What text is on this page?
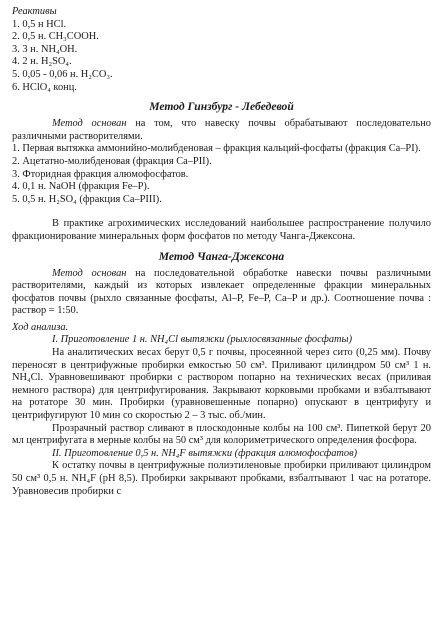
Реактивы

1. 0,5 н HCl.

2. 0,5 н. CH₃COOH.

3. 3 н. NH₄OH.

4. 2 н. H₂SO₄.

5. 0,05 - 0,06 н. H₂CO₃.

6. HClO₄ конц.

Метод Гинзбург - Лебедевой

Метод основан на том, что навеску почвы обрабатывают последовательно различными растворителями.

1. Первая вытяжка аммонийно-молибденовая – фракция кальций-фосфаты (фракция Ca–PI).

2. Ацетатно-молибденовая (фракция Ca–PII).

3. Фторидная фракция алюмофосфатов.

4. 0,1 н. NaOH (фракция Fe–P).

5. 0,5 н. H₂SO₄ (фракция Ca–PIII).

В практике агрохимических исследований наибольшее распространение получило фракционирование минеральных форм фосфатов по методу Чанга-Джексона.

Метод Чанга-Джексона

Метод основан на последовательной обработке навески почвы различными растворителями, каждый из которых извлекает определенные фракции минеральных фосфатов почвы (рыхло связанные фосфаты, Al–P, Fe–P, Ca–P и др.). Соотношение почва : раствор = 1:50.

Ход анализа.

I. Приготовление 1 н. NH₄Cl вытяжки (рыхлосвязанные фосфаты)

На аналитических весах берут 0,5 г почвы, просеянной через сито (0,25 мм). Почву переносят в центрифужные пробирки емкостью 50 см³. Приливают цилиндром 50 см³ 1 н. NH₄Cl. Уравновешивают пробирки с раствором попарно на технических весах (приливая немного раствора) для центрифугирования. Закрывают корковыми пробками и взбалтывают на ротаторе 30 мин. Пробирки (уравновешенные попарно) опускают в центрифугу и центрифугируют 10 мин со скоростью 2 – 3 тыс. об./мин.

Прозрачный раствор сливают в плоскодонные колбы на 100 см³. Пипеткой берут 20 мл центрифугата в мерные колбы на 50 см³ для колориметрического определения фосфора.

II. Приготовление 0,5 н. NH₄F вытяжки (фракция алюмофосфатов)

К остатку почвы в центрифужные полиэтиленовые пробирки приливают цилиндром 50 см³ 0,5 н. NH₄F (рН 8,5). Пробирки закрывают пробками, взбалтывают 1 час на ротаторе. Уравновесив пробирки с
